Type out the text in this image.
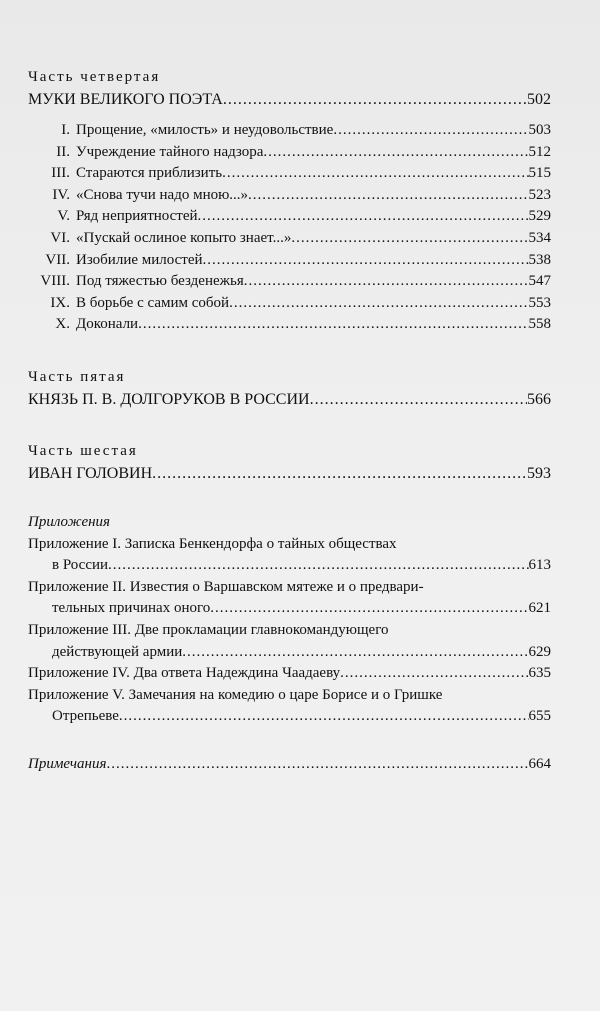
Часть четвертая
МУКИ ВЕЛИКОГО ПОЭТА .....	502
I. Прощение, «милость» и неудовольствие .....	503
II. Учреждение тайного надзора .....	512
III. Стараются приблизить .....	515
IV. «Снова тучи надо мною...» .....	523
V. Ряд неприятностей .....	529
VI. «Пускай ослиное копыто знает...» .....	534
VII. Изобилие милостей .....	538
VIII. Под тяжестью безденежья .....	547
IX. В борьбе с самим собой .....	553
X. Доконали .....	558
Часть пятая
КНЯЗЬ П. В. ДОЛГОРУКОВ В РОССИИ .....	566
Часть шестая
ИВАН ГОЛОВИН .....	593
Приложения
Приложение I. Записка Бенкендорфа о тайных обществах
в России .....	613
Приложение II. Известия о Варшавском мятеже и о предвари-
тельных причинах оного .....	621
Приложение III. Две прокламации главнокомандующего
действующей армии .....	629
Приложение IV. Два ответа Надеждина Чаадаеву .....	635
Приложение V. Замечания на комедию о царе Борисе и о Гришке
Отрепьеве .....	655
Примечания .....	664
